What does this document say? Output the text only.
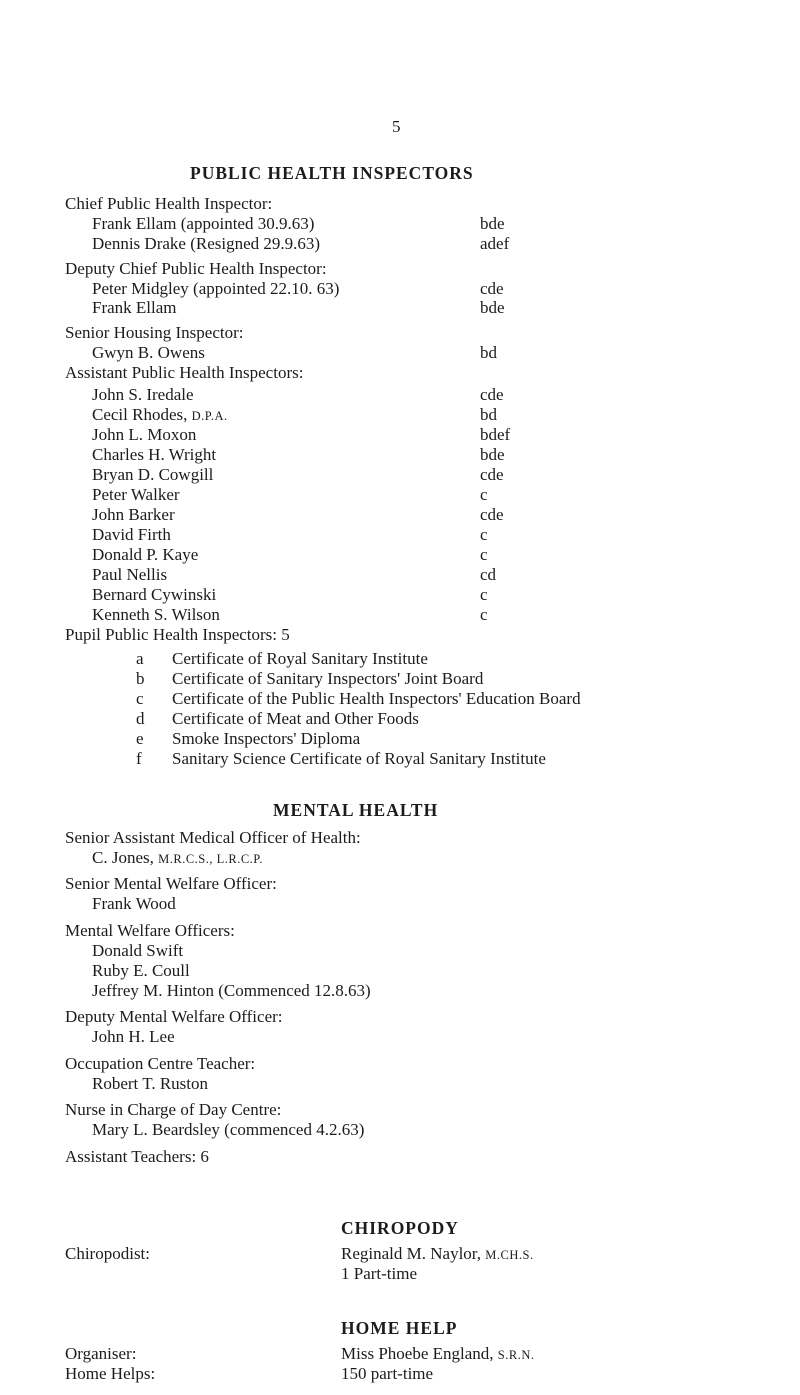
5
PUBLIC HEALTH INSPECTORS
Chief Public Health Inspector:
Frank Ellam (appointed 30.9.63)	bde
Dennis Drake (Resigned 29.9.63)	adef
Deputy Chief Public Health Inspector:
Peter Midgley (appointed 22.10. 63)	cde
Frank Ellam	bde
Senior Housing Inspector:
Gwyn B. Owens	bd
Assistant Public Health Inspectors:
John S. Iredale	cde
Cecil Rhodes, D.P.A.	bd
John L. Moxon	bdef
Charles H. Wright	bde
Bryan D. Cowgill	cde
Peter Walker	c
John Barker	cde
David Firth	c
Donald P. Kaye	c
Paul Nellis	cd
Bernard Cywinski	c
Kenneth S. Wilson	c
Pupil Public Health Inspectors: 5
a Certificate of Royal Sanitary Institute
b Certificate of Sanitary Inspectors' Joint Board
c Certificate of the Public Health Inspectors' Education Board
d Certificate of Meat and Other Foods
e Smoke Inspectors' Diploma
f Sanitary Science Certificate of Royal Sanitary Institute
MENTAL HEALTH
Senior Assistant Medical Officer of Health:
C. Jones, M.R.C.S., L.R.C.P.
Senior Mental Welfare Officer:
Frank Wood
Mental Welfare Officers:
Donald Swift
Ruby E. Coull
Jeffrey M. Hinton (Commenced 12.8.63)
Deputy Mental Welfare Officer:
John H. Lee
Occupation Centre Teacher:
Robert T. Ruston
Nurse in Charge of Day Centre:
Mary L. Beardsley (commenced 4.2.63)
Assistant Teachers: 6
CHIROPODY
Chiropodist:	Reginald M. Naylor, M.CH.S.
1 Part-time
HOME HELP
Organiser:	Miss Phoebe England, S.R.N.
Home Helps:	150 part-time
